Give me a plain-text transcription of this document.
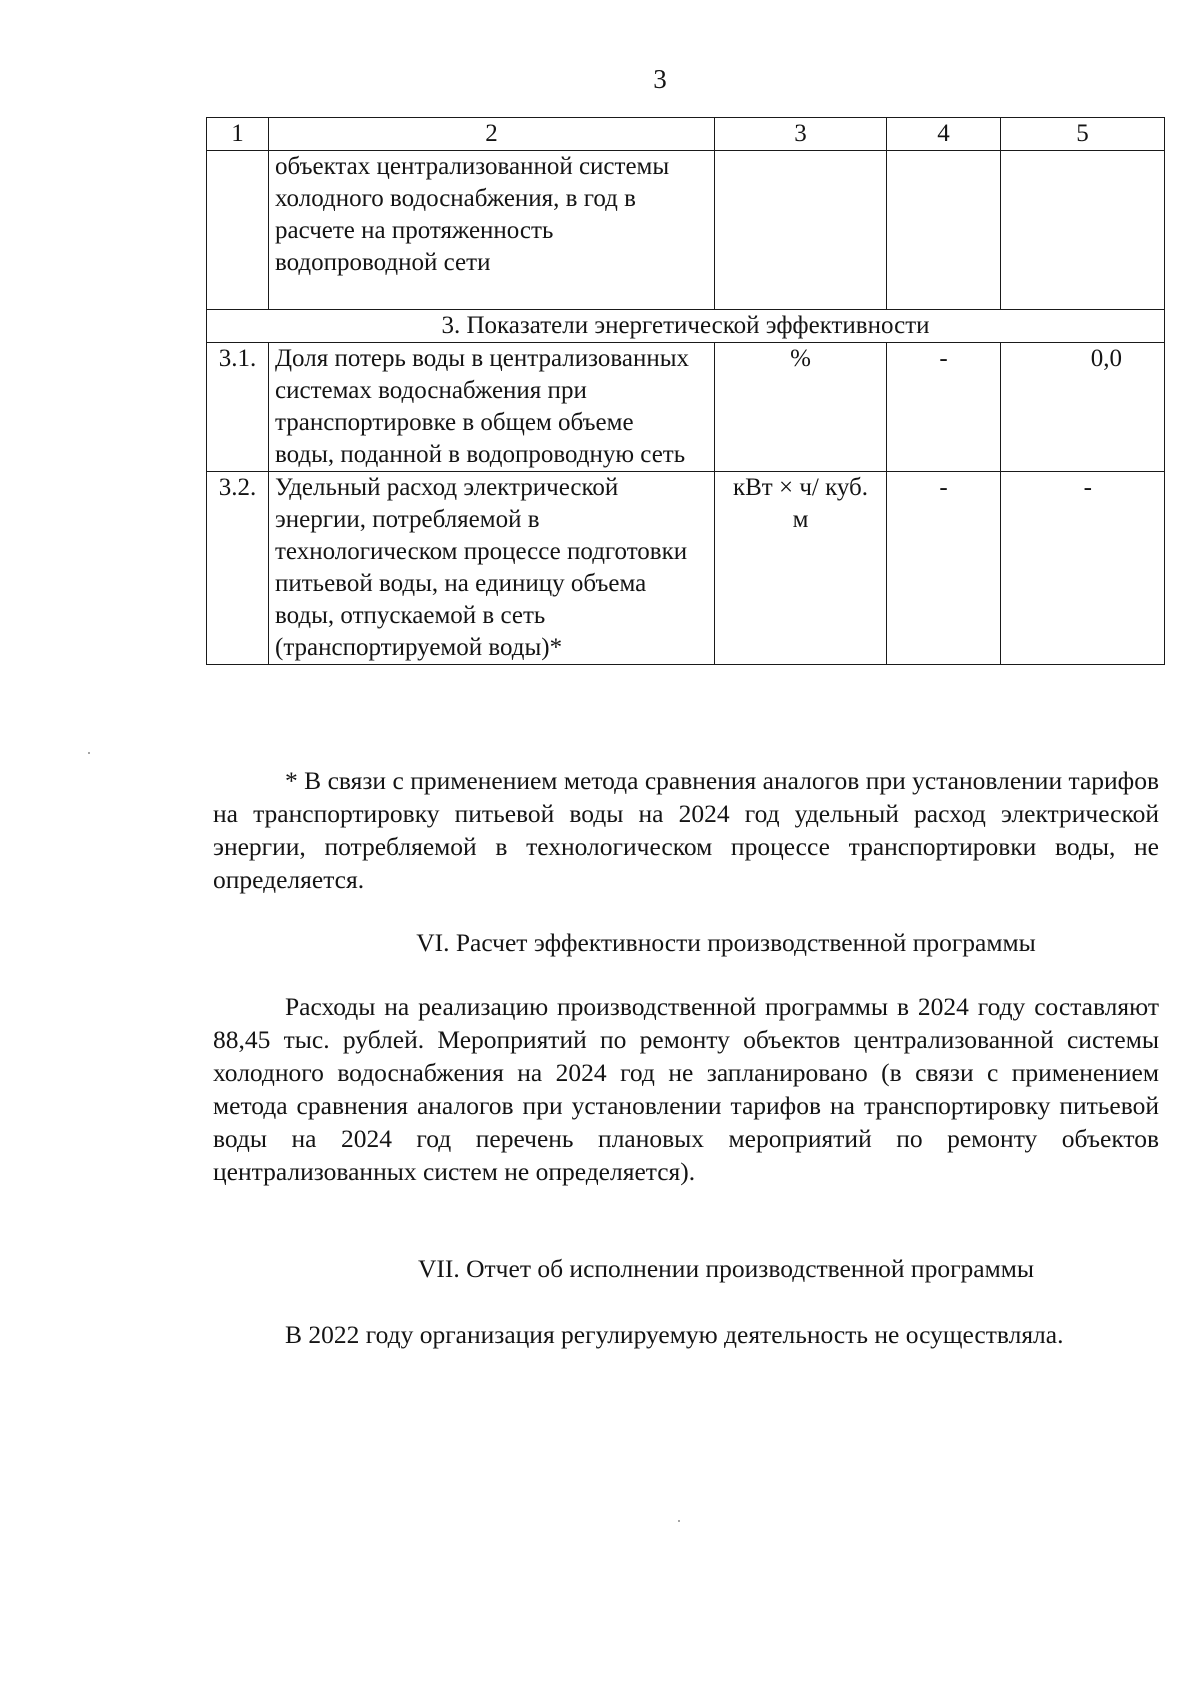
3
1	2	3	4	5
	объектах централизованной системы холодного водоснабжения, в год в расчете на протяженность водопроводной сети			
3. Показатели энергетической эффективности				
3.1.	Доля потерь воды в централизованных системах водоснабжения при транспортировке в общем объеме воды, поданной в водопроводную сеть	%	-	0,0
3.2.	Удельный расход электрической энергии, потребляемой в технологическом процессе подготовки питьевой воды, на единицу объема воды, отпускаемой в сеть (транспортируемой воды)*	кВт × ч/ куб. м	-	-

* В связи с применением метода сравнения аналогов при установлении тарифов на транспортировку питьевой воды на 2024 год удельный расход электрической энергии, потребляемой в технологическом процессе транспортировки воды, не определяется.

VI. Расчет эффективности производственной программы

Расходы на реализацию производственной программы в 2024 году составляют 88,45 тыс. рублей. Мероприятий по ремонту объектов централизованной системы холодного водоснабжения на 2024 год не запланировано (в связи с применением метода сравнения аналогов при установлении тарифов на транспортировку питьевой воды на 2024 год перечень плановых мероприятий по ремонту объектов централизованных систем не определяется).

VII. Отчет об исполнении производственной программы

В 2022 году организация регулируемую деятельность не осуществляла.
